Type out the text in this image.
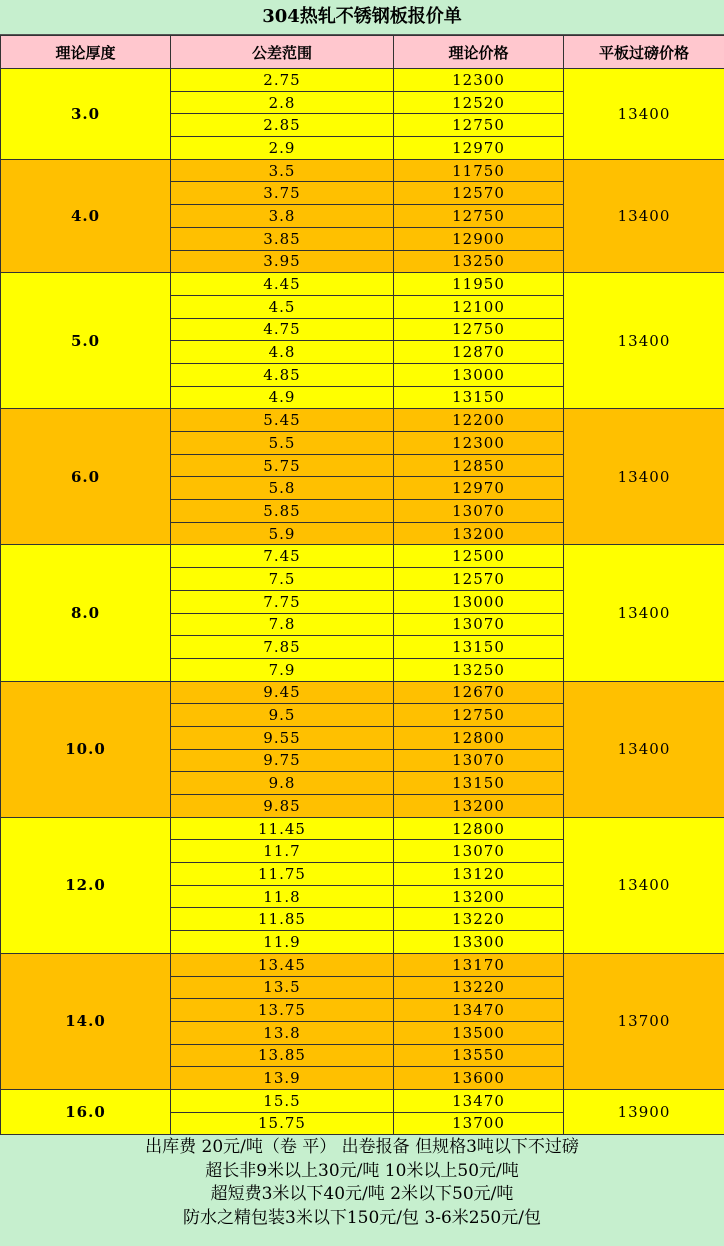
304热轧不锈钢板报价单
理论厚度	公差范围	理论价格	平板过磅价格
3.0	2.75	12300	13400
	2.8	12520	
	2.85	12750	
	2.9	12970	
4.0	3.5	11750	13400
	3.75	12570	
	3.8	12750	
	3.85	12900	
	3.95	13250	
5.0	4.45	11950	13400
	4.5	12100	
	4.75	12750	
	4.8	12870	
	4.85	13000	
	4.9	13150	
6.0	5.45	12200	13400
	5.5	12300	
	5.75	12850	
	5.8	12970	
	5.85	13070	
	5.9	13200	
8.0	7.45	12500	13400
	7.5	12570	
	7.75	13000	
	7.8	13070	
	7.85	13150	
	7.9	13250	
10.0	9.45	12670	13400
	9.5	12750	
	9.55	12800	
	9.75	13070	
	9.8	13150	
	9.85	13200	
12.0	11.45	12800	13400
	11.7	13070	
	11.75	13120	
	11.8	13200	
	11.85	13220	
	11.9	13300	
14.0	13.45	13170	13700
	13.5	13220	
	13.75	13470	
	13.8	13500	
	13.85	13550	
	13.9	13600	
16.0	15.5	13470	13900
	15.75	13700	
出库费 20元/吨（卷 平） 出卷报备 但规格3吨以下不过磅
超长非9米以上30元/吨 10米以上50元/吨
超短费3米以下40元/吨 2米以下50元/吨
防水之精包装3米以下150元/包 3-6米250元/包
